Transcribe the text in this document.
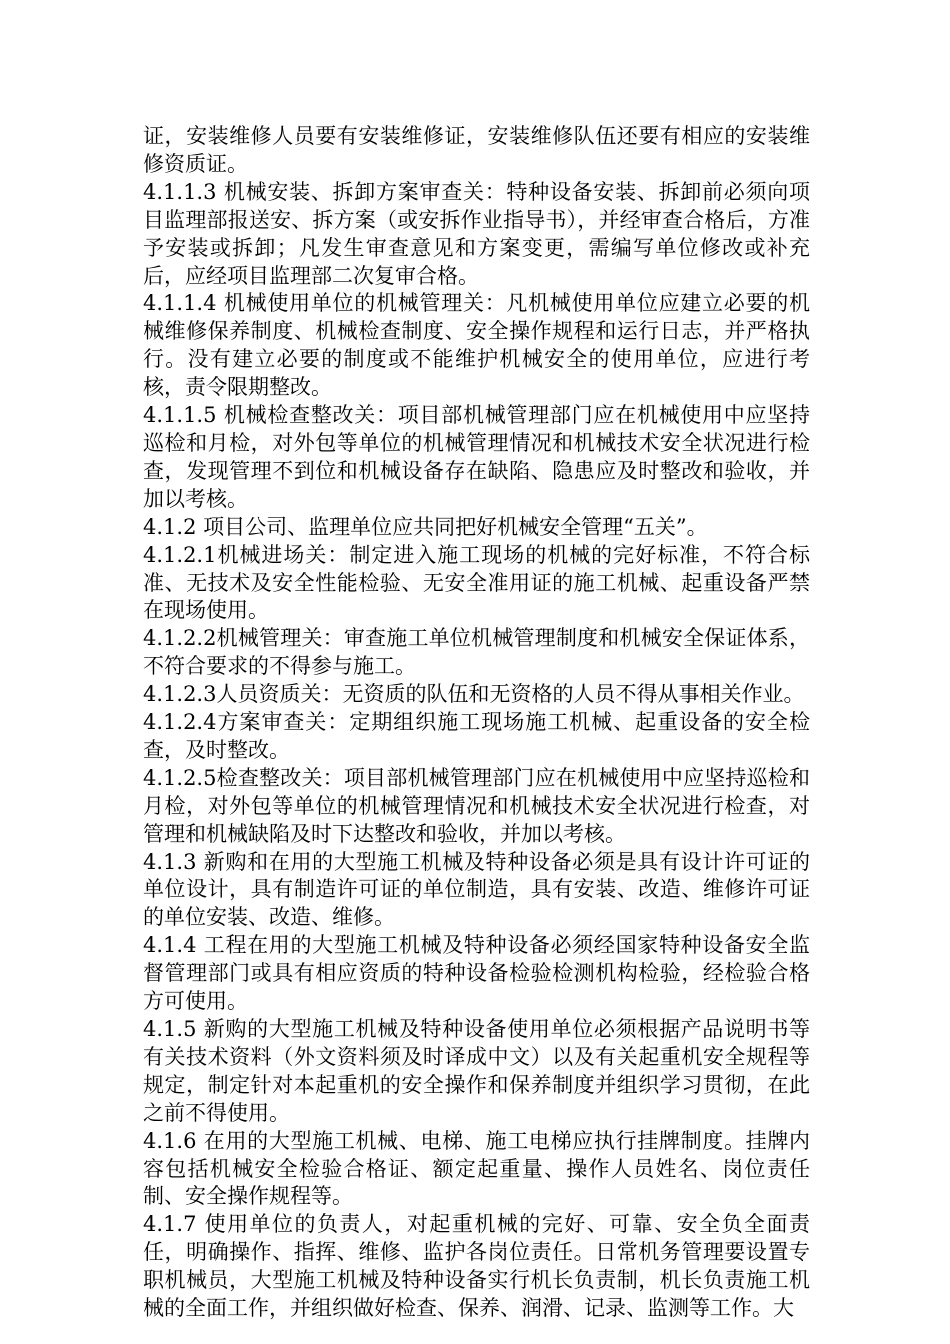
证，安装维修人员要有安装维修证，安装维修队伍还要有相应的安装维修资质证。

4.1.1.3 机械安装、拆卸方案审查关：特种设备安装、拆卸前必须向项目监理部报送安、拆方案（或安拆作业指导书），并经审查合格后，方准予安装或拆卸；凡发生审查意见和方案变更，需编写单位修改或补充后，应经项目监理部二次复审合格。

4.1.1.4 机械使用单位的机械管理关：凡机械使用单位应建立必要的机械维修保养制度、机械检查制度、安全操作规程和运行日志，并严格执行。没有建立必要的制度或不能维护机械安全的使用单位，应进行考核，责令限期整改。

4.1.1.5 机械检查整改关：项目部机械管理部门应在机械使用中应坚持巡检和月检，对外包等单位的机械管理情况和机械技术安全状况进行检查，发现管理不到位和机械设备存在缺陷、隐患应及时整改和验收，并加以考核。

4.1.2 项目公司、监理单位应共同把好机械安全管理“五关”。

4.1.2.1机械进场关：制定进入施工现场的机械的完好标准，不符合标准、无技术及安全性能检验、无安全准用证的施工机械、起重设备严禁在现场使用。

4.1.2.2机械管理关：审查施工单位机械管理制度和机械安全保证体系，不符合要求的不得参与施工。

4.1.2.3人员资质关：无资质的队伍和无资格的人员不得从事相关作业。

4.1.2.4方案审查关：定期组织施工现场施工机械、起重设备的安全检查，及时整改。

4.1.2.5检查整改关：项目部机械管理部门应在机械使用中应坚持巡检和月检，对外包等单位的机械管理情况和机械技术安全状况进行检查，对管理和机械缺陷及时下达整改和验收，并加以考核。

4.1.3 新购和在用的大型施工机械及特种设备必须是具有设计许可证的单位设计，具有制造许可证的单位制造，具有安装、改造、维修许可证的单位安装、改造、维修。

4.1.4 工程在用的大型施工机械及特种设备必须经国家特种设备安全监督管理部门或具有相应资质的特种设备检验检测机构检验，经检验合格方可使用。

4.1.5 新购的大型施工机械及特种设备使用单位必须根据产品说明书等有关技术资料（外文资料须及时译成中文）以及有关起重机安全规程等规定，制定针对本起重机的安全操作和保养制度并组织学习贯彻，在此之前不得使用。

4.1.6 在用的大型施工机械、电梯、施工电梯应执行挂牌制度。挂牌内容包括机械安全检验合格证、额定起重量、操作人员姓名、岗位责任制、安全操作规程等。

4.1.7 使用单位的负责人，对起重机械的完好、可靠、安全负全面责任，明确操作、指挥、维修、监护各岗位责任。日常机务管理要设置专职机械员，大型施工机械及特种设备实行机长负责制，机长负责施工机械的全面工作，并组织做好检查、保养、润滑、记录、监测等工作。大
